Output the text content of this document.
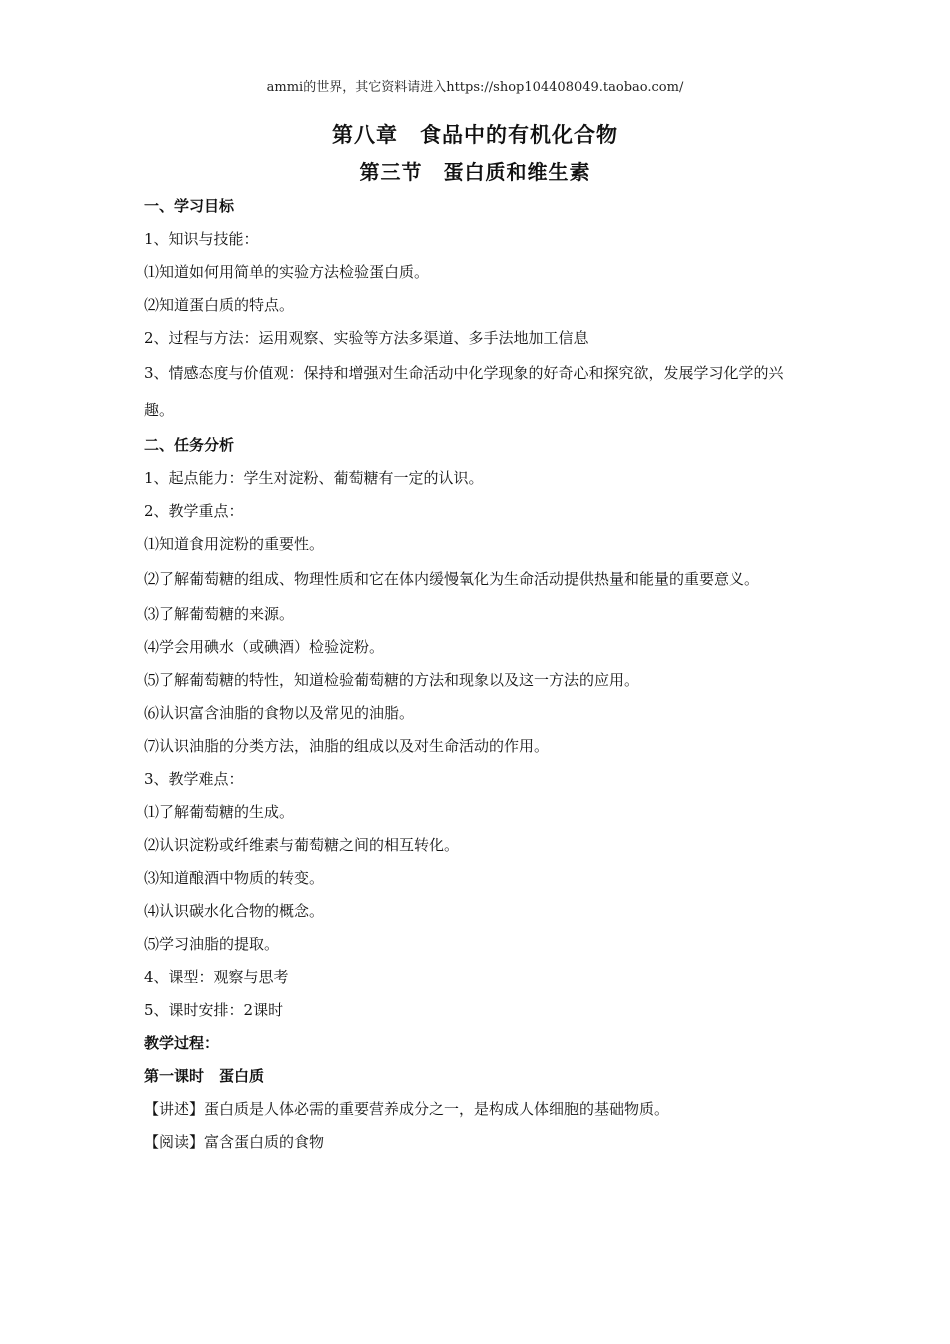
ammi的世界，其它资料请进入https://shop104408049.taobao.com/
第八章　食品中的有机化合物
第三节　蛋白质和维生素
一、学习目标
1、知识与技能：
⑴知道如何用简单的实验方法检验蛋白质。
⑵知道蛋白质的特点。
2、过程与方法：运用观察、实验等方法多渠道、多手法地加工信息
3、情感态度与价值观：保持和增强对生命活动中化学现象的好奇心和探究欲，发展学习化学的兴趣。
二、任务分析
1、起点能力：学生对淀粉、葡萄糖有一定的认识。
2、教学重点：
⑴知道食用淀粉的重要性。
⑵了解葡萄糖的组成、物理性质和它在体内缓慢氧化为生命活动提供热量和能量的重要意义。
⑶了解葡萄糖的来源。
⑷学会用碘水（或碘酒）检验淀粉。
⑸了解葡萄糖的特性，知道检验葡萄糖的方法和现象以及这一方法的应用。
⑹认识富含油脂的食物以及常见的油脂。
⑺认识油脂的分类方法，油脂的组成以及对生命活动的作用。
3、教学难点：
⑴了解葡萄糖的生成。
⑵认识淀粉或纤维素与葡萄糖之间的相互转化。
⑶知道酿酒中物质的转变。
⑷认识碳水化合物的概念。
⑸学习油脂的提取。
4、课型：观察与思考
5、课时安排：2课时
教学过程：
第一课时　蛋白质
【讲述】蛋白质是人体必需的重要营养成分之一，是构成人体细胞的基础物质。
【阅读】富含蛋白质的食物
